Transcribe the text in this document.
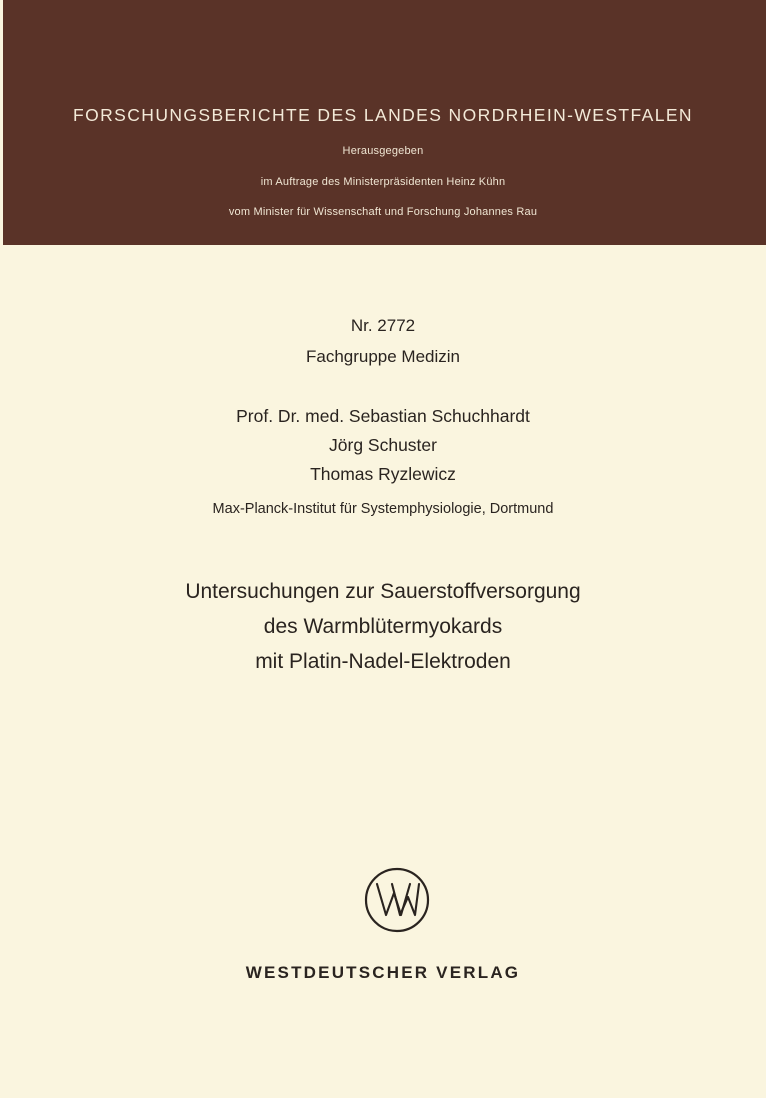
FORSCHUNGSBERICHTE DES LANDES NORDRHEIN-WESTFALEN
Herausgegeben
im Auftrage des Ministerpräsidenten Heinz Kühn
vom Minister für Wissenschaft und Forschung Johannes Rau
Nr. 2772
Fachgruppe Medizin
Prof. Dr. med. Sebastian Schuchhardt
Jörg Schuster
Thomas Ryzlewicz
Max-Planck-Institut für Systemphysiologie, Dortmund
Untersuchungen zur Sauerstoffversorgung
des Warmblütermyokards
mit Platin-Nadel-Elektroden
WESTDEUTSCHER VERLAG
